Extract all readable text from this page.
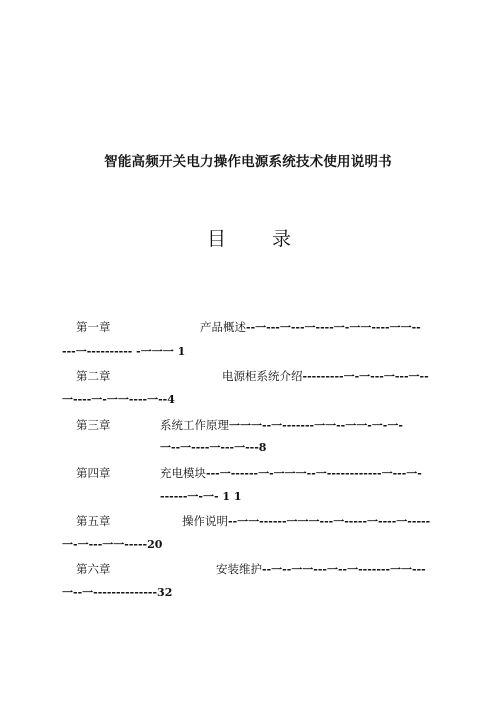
智能高频开关电力操作电源系统技术使用说明书
目 录
第一章	产品概述--一---一---一----一-一一----一一--
---一---------- -一一一 1
第二章	电源柜系统介绍---------一-一---一---一--
一----一-一一----一--4
第三章	系统工作原理一一一--一-------一一--一一-一-一-
一--一----一---一---8
第四章	充电模块---一------一-一一一--一------------一---一-
------一-一- 1 1
第五章	操作说明--一一------一一一---一-----一----一-----
一-一---一一-----20
第六章	安装维护--一--一一---一--一-------一一---
一--一--------------32
